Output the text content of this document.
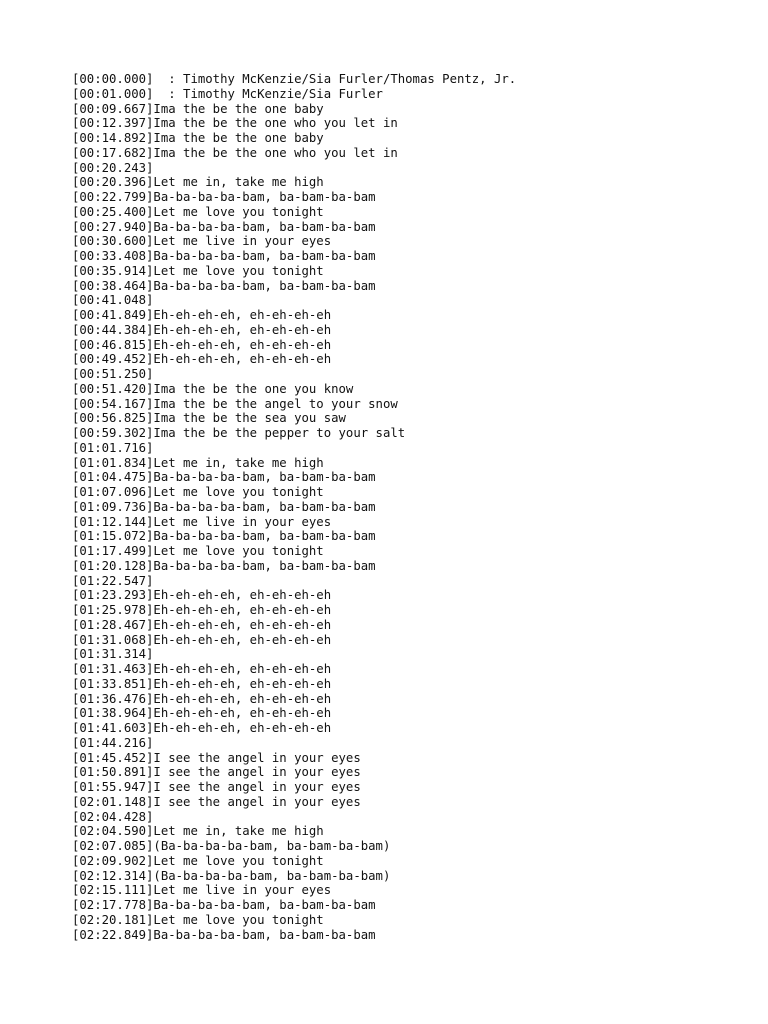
[00:00.000]  : Timothy McKenzie/Sia Furler/Thomas Pentz, Jr.
[00:01.000]  : Timothy McKenzie/Sia Furler
[00:09.667]Ima the be the one baby
[00:12.397]Ima the be the one who you let in
[00:14.892]Ima the be the one baby
[00:17.682]Ima the be the one who you let in
[00:20.243]
[00:20.396]Let me in, take me high
[00:22.799]Ba-ba-ba-ba-bam, ba-bam-ba-bam
[00:25.400]Let me love you tonight
[00:27.940]Ba-ba-ba-ba-bam, ba-bam-ba-bam
[00:30.600]Let me live in your eyes
[00:33.408]Ba-ba-ba-ba-bam, ba-bam-ba-bam
[00:35.914]Let me love you tonight
[00:38.464]Ba-ba-ba-ba-bam, ba-bam-ba-bam
[00:41.048]
[00:41.849]Eh-eh-eh-eh, eh-eh-eh-eh
[00:44.384]Eh-eh-eh-eh, eh-eh-eh-eh
[00:46.815]Eh-eh-eh-eh, eh-eh-eh-eh
[00:49.452]Eh-eh-eh-eh, eh-eh-eh-eh
[00:51.250]
[00:51.420]Ima the be the one you know
[00:54.167]Ima the be the angel to your snow
[00:56.825]Ima the be the sea you saw
[00:59.302]Ima the be the pepper to your salt
[01:01.716]
[01:01.834]Let me in, take me high
[01:04.475]Ba-ba-ba-ba-bam, ba-bam-ba-bam
[01:07.096]Let me love you tonight
[01:09.736]Ba-ba-ba-ba-bam, ba-bam-ba-bam
[01:12.144]Let me live in your eyes
[01:15.072]Ba-ba-ba-ba-bam, ba-bam-ba-bam
[01:17.499]Let me love you tonight
[01:20.128]Ba-ba-ba-ba-bam, ba-bam-ba-bam
[01:22.547]
[01:23.293]Eh-eh-eh-eh, eh-eh-eh-eh
[01:25.978]Eh-eh-eh-eh, eh-eh-eh-eh
[01:28.467]Eh-eh-eh-eh, eh-eh-eh-eh
[01:31.068]Eh-eh-eh-eh, eh-eh-eh-eh
[01:31.314]
[01:31.463]Eh-eh-eh-eh, eh-eh-eh-eh
[01:33.851]Eh-eh-eh-eh, eh-eh-eh-eh
[01:36.476]Eh-eh-eh-eh, eh-eh-eh-eh
[01:38.964]Eh-eh-eh-eh, eh-eh-eh-eh
[01:41.603]Eh-eh-eh-eh, eh-eh-eh-eh
[01:44.216]
[01:45.452]I see the angel in your eyes
[01:50.891]I see the angel in your eyes
[01:55.947]I see the angel in your eyes
[02:01.148]I see the angel in your eyes
[02:04.428]
[02:04.590]Let me in, take me high
[02:07.085](Ba-ba-ba-ba-bam, ba-bam-ba-bam)
[02:09.902]Let me love you tonight
[02:12.314](Ba-ba-ba-ba-bam, ba-bam-ba-bam)
[02:15.111]Let me live in your eyes
[02:17.778]Ba-ba-ba-ba-bam, ba-bam-ba-bam
[02:20.181]Let me love you tonight
[02:22.849]Ba-ba-ba-ba-bam, ba-bam-ba-bam
